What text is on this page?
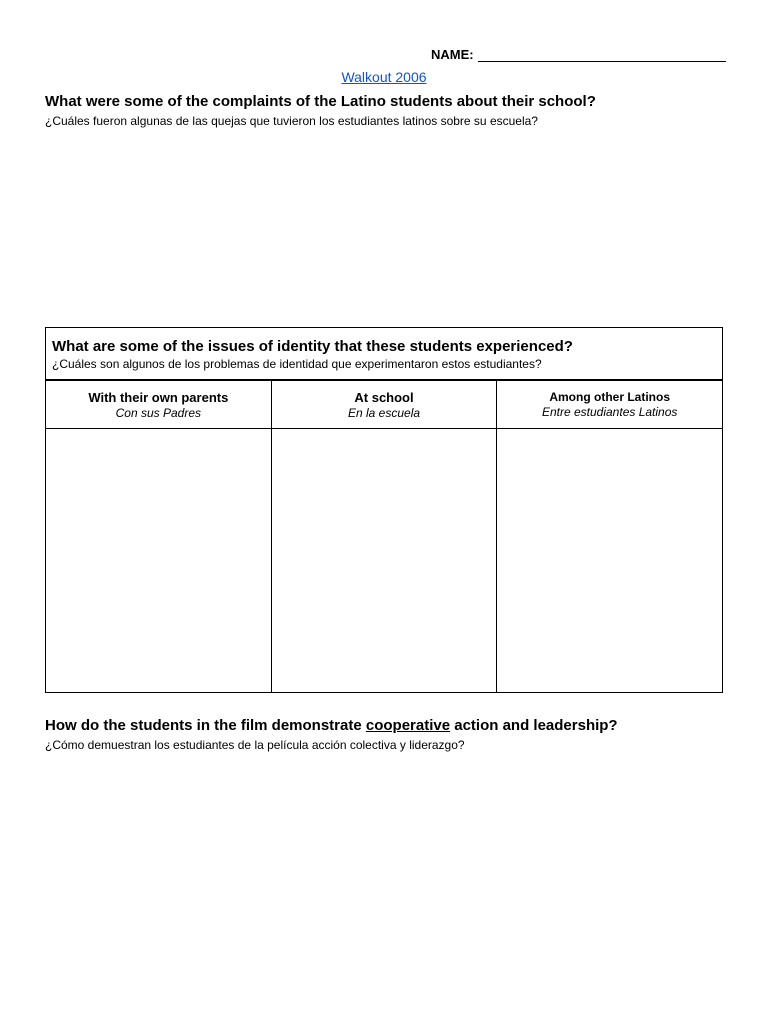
NAME:
Walkout 2006
What were some of the complaints of the Latino students about their school?
¿Cuáles fueron algunas de las quejas que tuvieron los estudiantes latinos sobre su escuela?
What are some of the issues of identity that these students experienced?
¿Cuáles son algunos de los problemas de identidad que experimentaron estos estudiantes?
With their own parents
Con sus Padres
At school
En la escuela
Among other Latinos
Entre estudiantes Latinos
How do the students in the film demonstrate cooperative action and leadership?
¿Cómo demuestran los estudiantes de la película acción colectiva y liderazgo?
